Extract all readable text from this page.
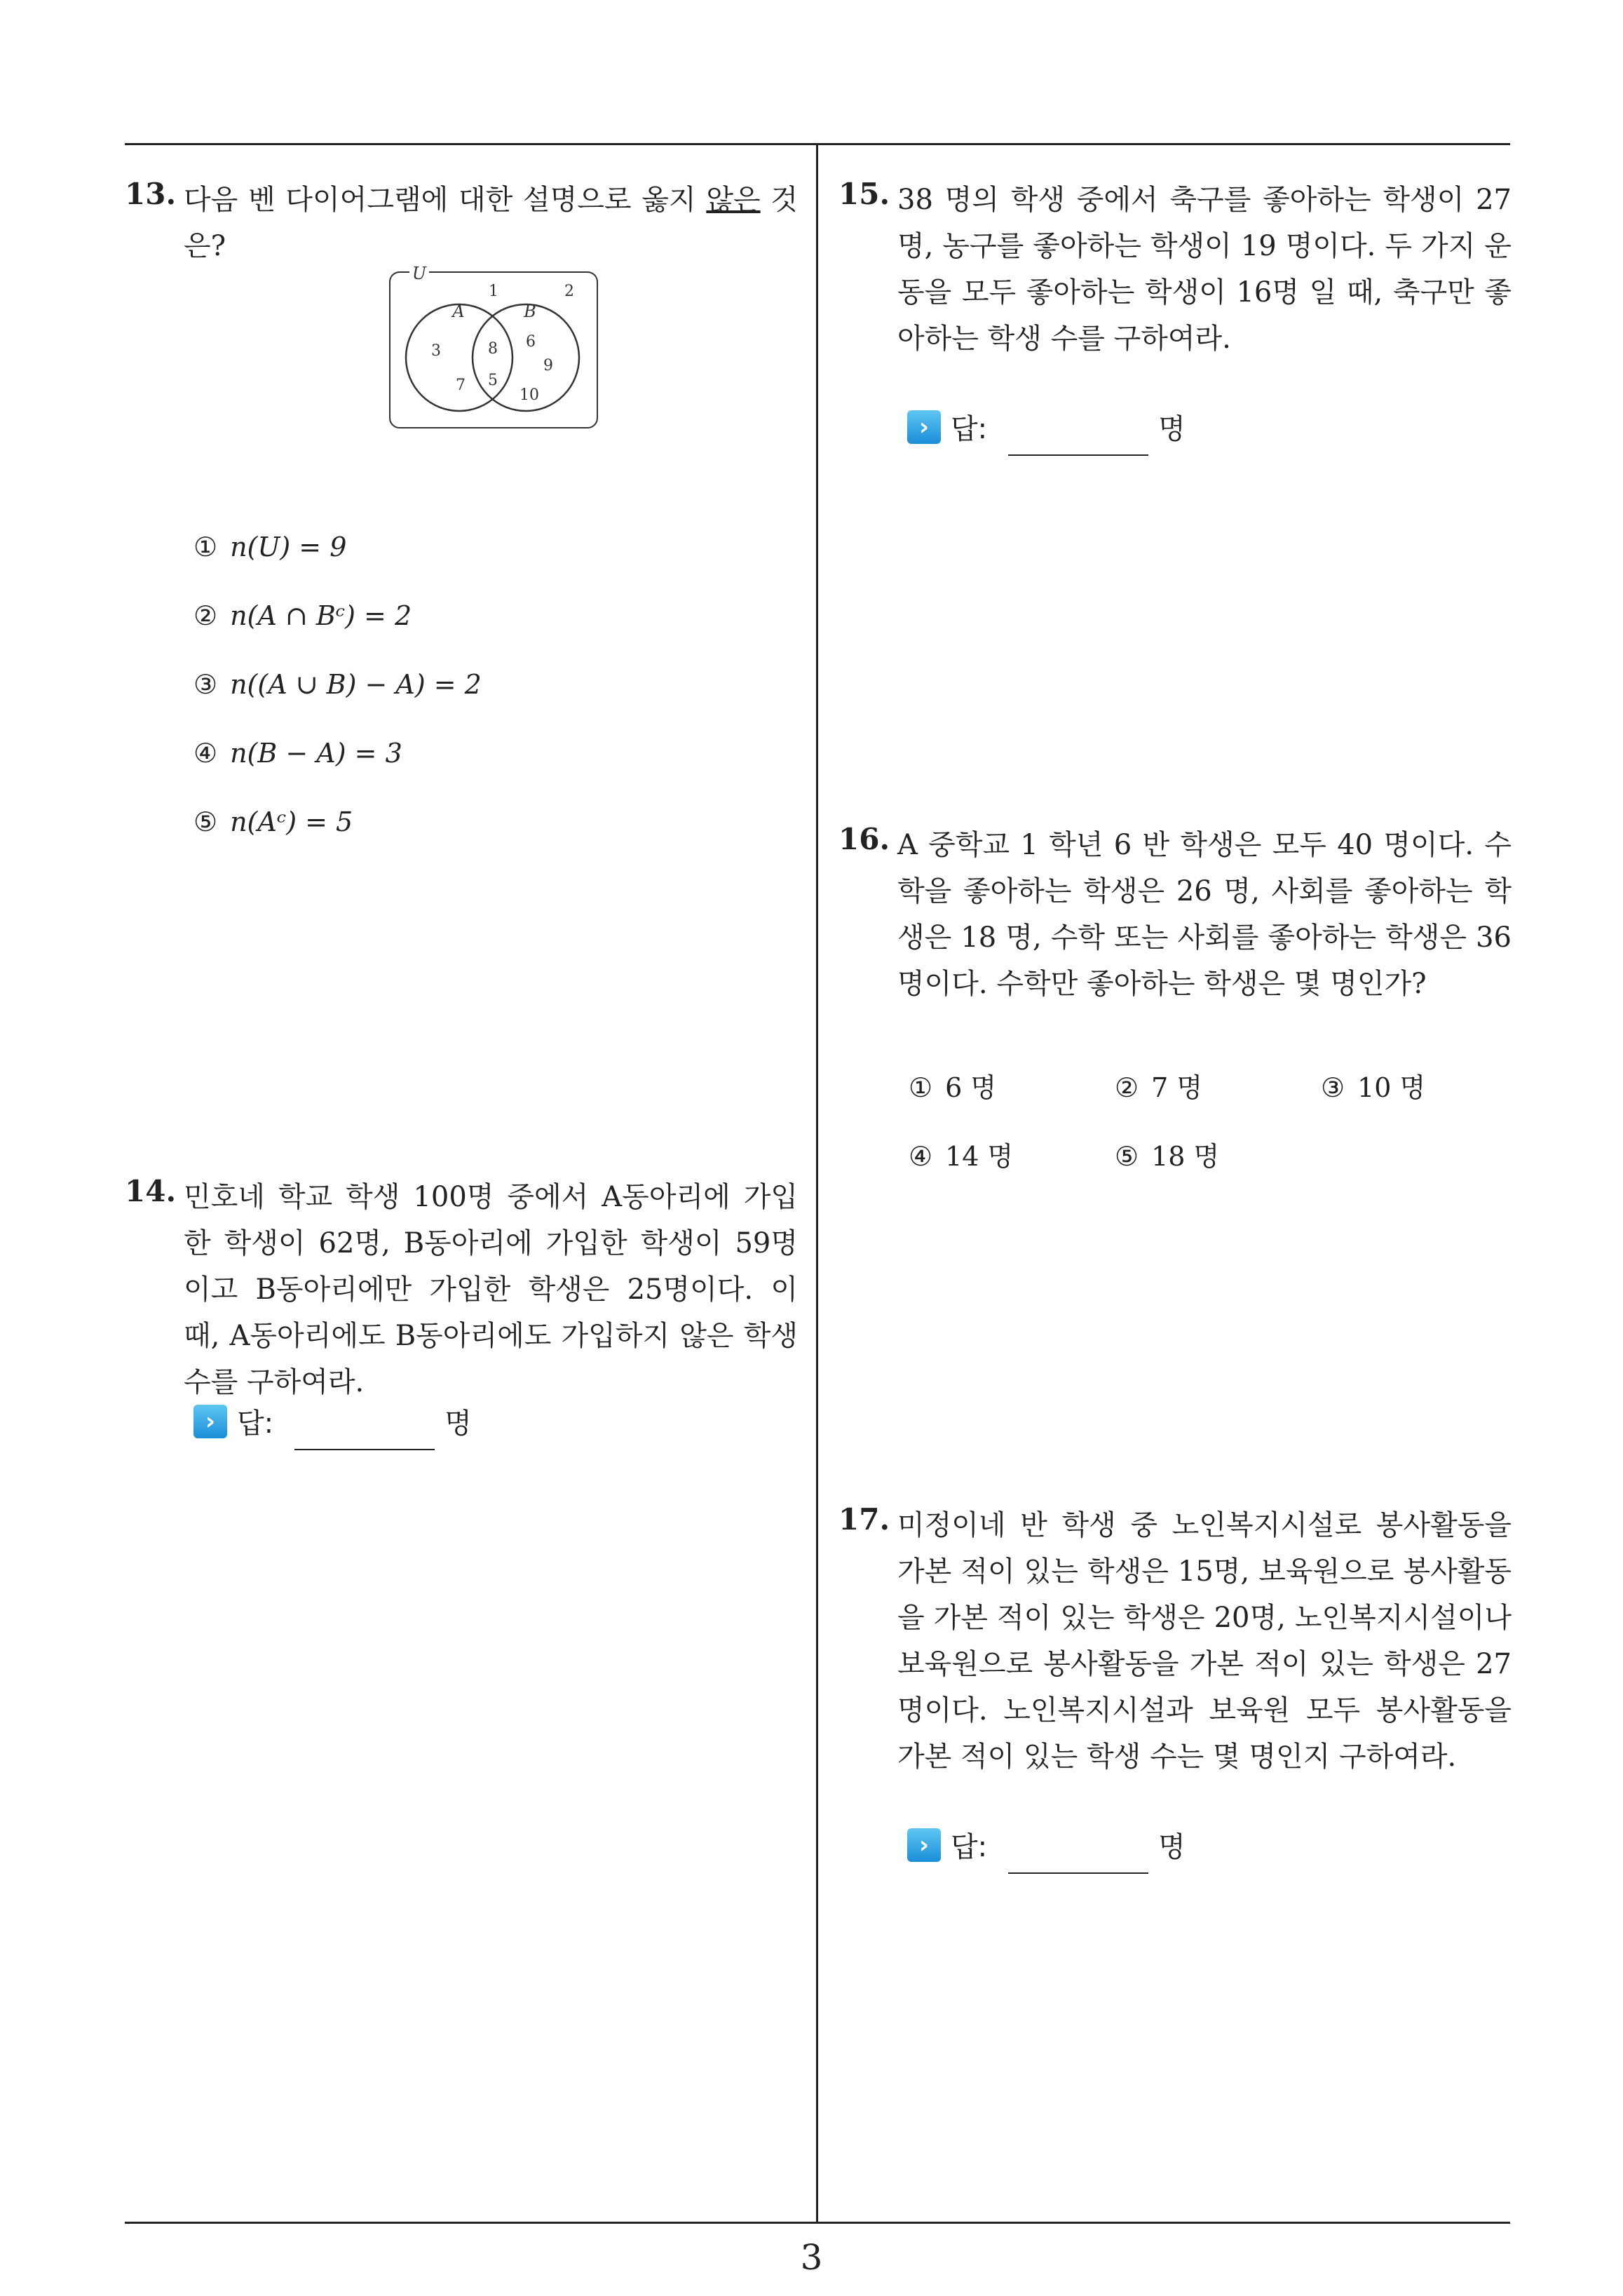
13. 다음 벤 다이어그램에 대한 설명으로 옳지 않은 것은?
U
A	B
1	2
3
7
8
5
6
9
10
① n(U) = 9
② n(A ∩ Bᶜ) = 2
③ n((A ∪ B) − A) = 2
④ n(B − A) = 3
⑤ n(Aᶜ) = 5
14. 민호네 학교 학생 100명 중에서 A동아리에 가입한 학생이 62명, B동아리에 가입한 학생이 59명이고 B동아리에만 가입한 학생은 25명이다. 이 때, A동아리에도 B동아리에도 가입하지 않은 학생 수를 구하여라.
› 답:	명
15. 38 명의 학생 중에서 축구를 좋아하는 학생이 27 명, 농구를 좋아하는 학생이 19 명이다. 두 가지 운동을 모두 좋아하는 학생이 16명 일 때, 축구만 좋아하는 학생 수를 구하여라.
› 답:	명
16. A 중학교 1 학년 6 반 학생은 모두 40 명이다. 수학을 좋아하는 학생은 26 명, 사회를 좋아하는 학생은 18 명, 수학 또는 사회를 좋아하는 학생은 36 명이다. 수학만 좋아하는 학생은 몇 명인가?
① 6 명	② 7 명	③ 10 명
④ 14 명	⑤ 18 명
17. 미정이네 반 학생 중 노인복지시설로 봉사활동을 가본 적이 있는 학생은 15명, 보육원으로 봉사활동을 가본 적이 있는 학생은 20명, 노인복지시설이나 보육원으로 봉사활동을 가본 적이 있는 학생은 27명이다. 노인복지시설과 보육원 모두 봉사활동을 가본 적이 있는 학생 수는 몇 명인지 구하여라.
› 답:	명
3
